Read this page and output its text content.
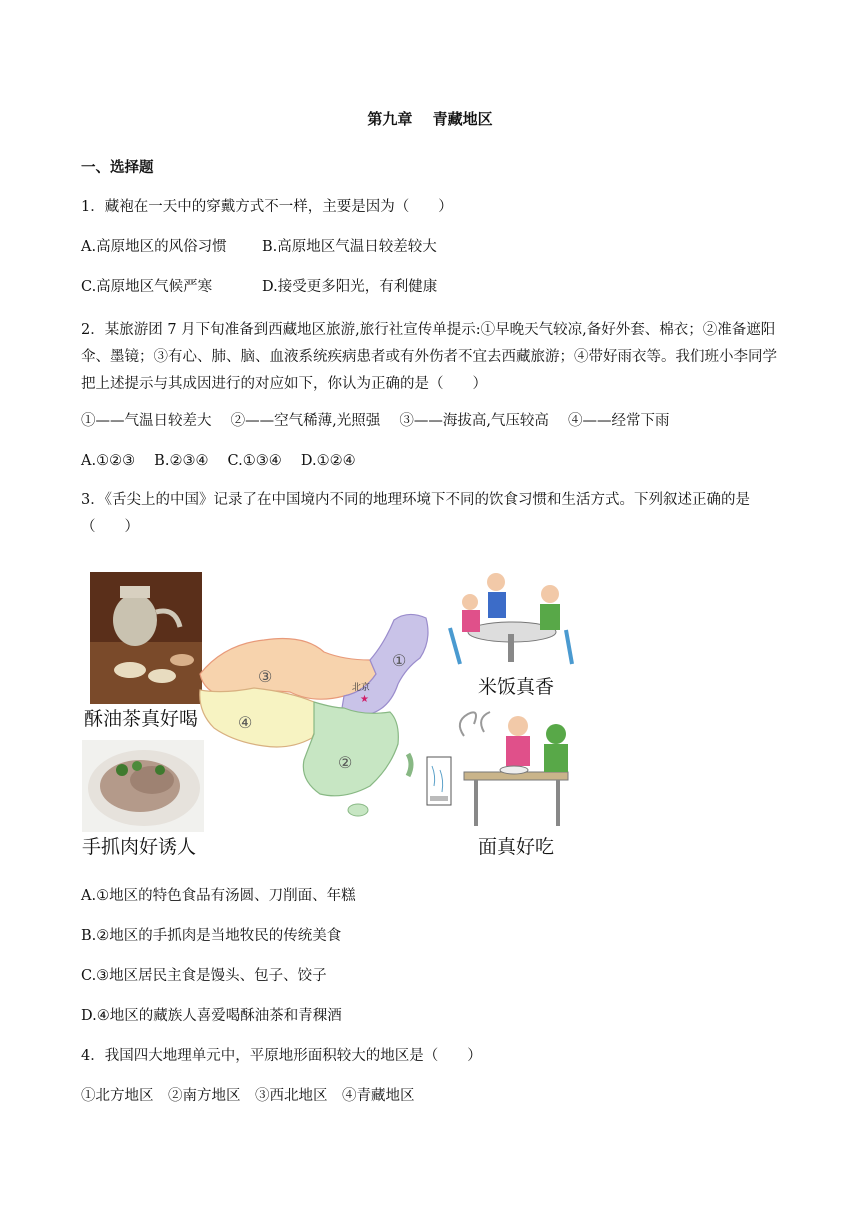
第九章　 青藏地区
一、选择题
1．藏袍在一天中的穿戴方式不一样，主要是因为（　　）
A.高原地区的风俗习惯 B.高原地区气温日较差较大
C.高原地区气候严寒	D.接受更多阳光，有利健康
2．某旅游团 7 月下旬准备到西藏地区旅游,旅行社宣传单提示:①早晚天气较凉,备好外套、棉衣；②准备遮阳伞、墨镜；③有心、肺、脑、血液系统疾病患者或有外伤者不宜去西藏旅游；④带好雨衣等。我们班小李同学把上述提示与其成因进行的对应如下，你认为正确的是（　　）
①——气温日较差大　 ②——空气稀薄,光照强　 ③——海拔高,气压较高　 ④——经常下雨
A.①②③　 B.②③④　 C.①③④　 D.①②④
3．《舌尖上的中国》记录了在中国境内不同的地理环境下不同的饮食习惯和生活方式。下列叙述正确的是（　　）
酥油茶真好喝
手抓肉好诱人
③
④
②
①
北京
★
米饭真香
面真好吃
A.①地区的特色食品有汤圆、刀削面、年糕
B.②地区的手抓肉是当地牧民的传统美食
C.③地区居民主食是馒头、包子、饺子
D.④地区的藏族人喜爱喝酥油茶和青稞酒
4．我国四大地理单元中，平原地形面积较大的地区是（　　）
①北方地区　②南方地区　③西北地区　④青藏地区
